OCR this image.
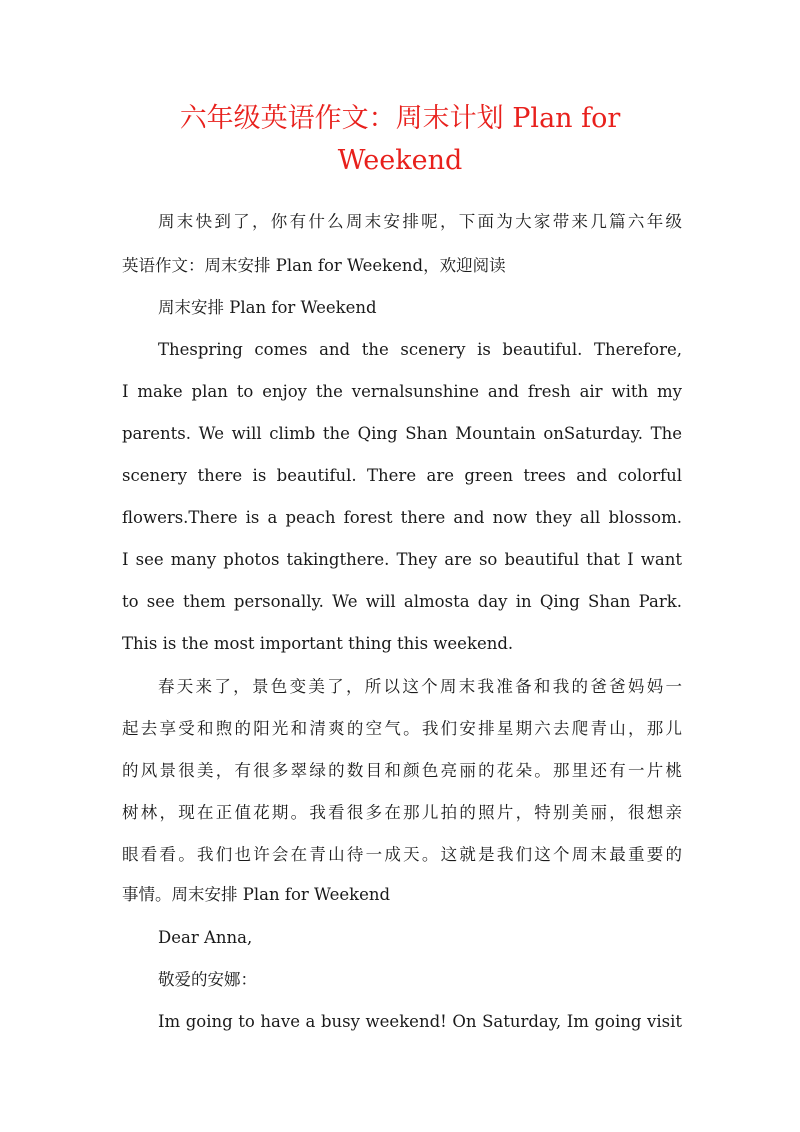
六年级英语作文：周末计划 Plan for
Weekend

周末快到了，你有什么周末安排呢，下面为大家带来几篇六年级

英语作文：周末安排 Plan for Weekend，欢迎阅读

周末安排 Plan for Weekend

Thespring comes and the scenery is beautiful. Therefore,

I make plan to enjoy the vernalsunshine and fresh air with my

parents. We will climb the Qing Shan Mountain onSaturday. The

scenery there is beautiful. There are green trees and colorful

flowers.There is a peach forest there and now they all blossom.

I see many photos takingthere. They are so beautiful that I want

to see them personally. We will almosta day in Qing Shan Park.

This is the most important thing this weekend.

春天来了，景色变美了，所以这个周末我准备和我的爸爸妈妈一

起去享受和煦的阳光和清爽的空气。我们安排星期六去爬青山，那儿

的风景很美，有很多翠绿的数目和颜色亮丽的花朵。那里还有一片桃

树林，现在正值花期。我看很多在那儿拍的照片，特别美丽，很想亲

眼看看。我们也许会在青山待一成天。这就是我们这个周末最重要的

事情。周末安排 Plan for Weekend

Dear Anna,

敬爱的安娜：

Im going to have a busy weekend! On Saturday, Im going visit
